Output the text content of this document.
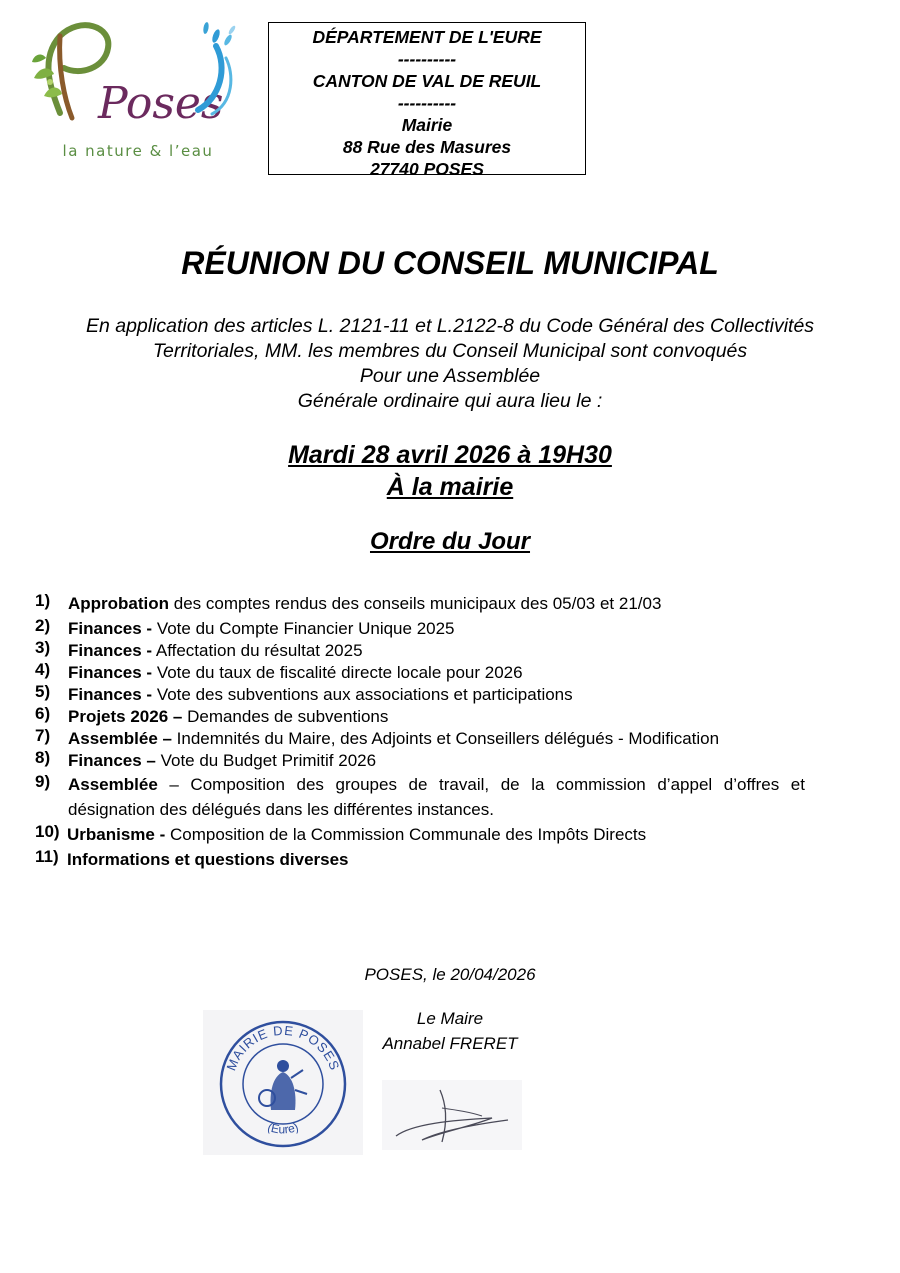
Poses
la nature & l’eau
DÉPARTEMENT DE L'EURE
----------
CANTON DE VAL DE REUIL
----------
Mairie
88 Rue des Masures
27740 POSES
RÉUNION DU CONSEIL MUNICIPAL
En application des articles L. 2121-11 et L.2122-8 du Code Général des Collectivités
Territoriales, MM. les membres du Conseil Municipal sont convoqués
Pour une Assemblée
Générale ordinaire qui aura lieu le :
Mardi 28 avril 2026 à 19H30
À la mairie
Ordre du Jour
1) Approbation des comptes rendus des conseils municipaux des 05/03 et 21/03
2) Finances - Vote du Compte Financier Unique 2025
3) Finances - Affectation du résultat 2025
4) Finances - Vote du taux de fiscalité directe locale pour 2026
5) Finances - Vote des subventions aux associations et participations
6) Projets 2026 – Demandes de subventions
7) Assemblée – Indemnités du Maire, des Adjoints et Conseillers délégués - Modification
8) Finances – Vote du Budget Primitif 2026
9) Assemblée – Composition des groupes de travail, de la commission d’appel d’offres et désignation des délégués dans les différentes instances.
10) Urbanisme - Composition de la Commission Communale des Impôts Directs
11) Informations et questions diverses
POSES, le 20/04/2026
Le Maire
Annabel FRERET
MAIRIE DE POSES
(Eure)
